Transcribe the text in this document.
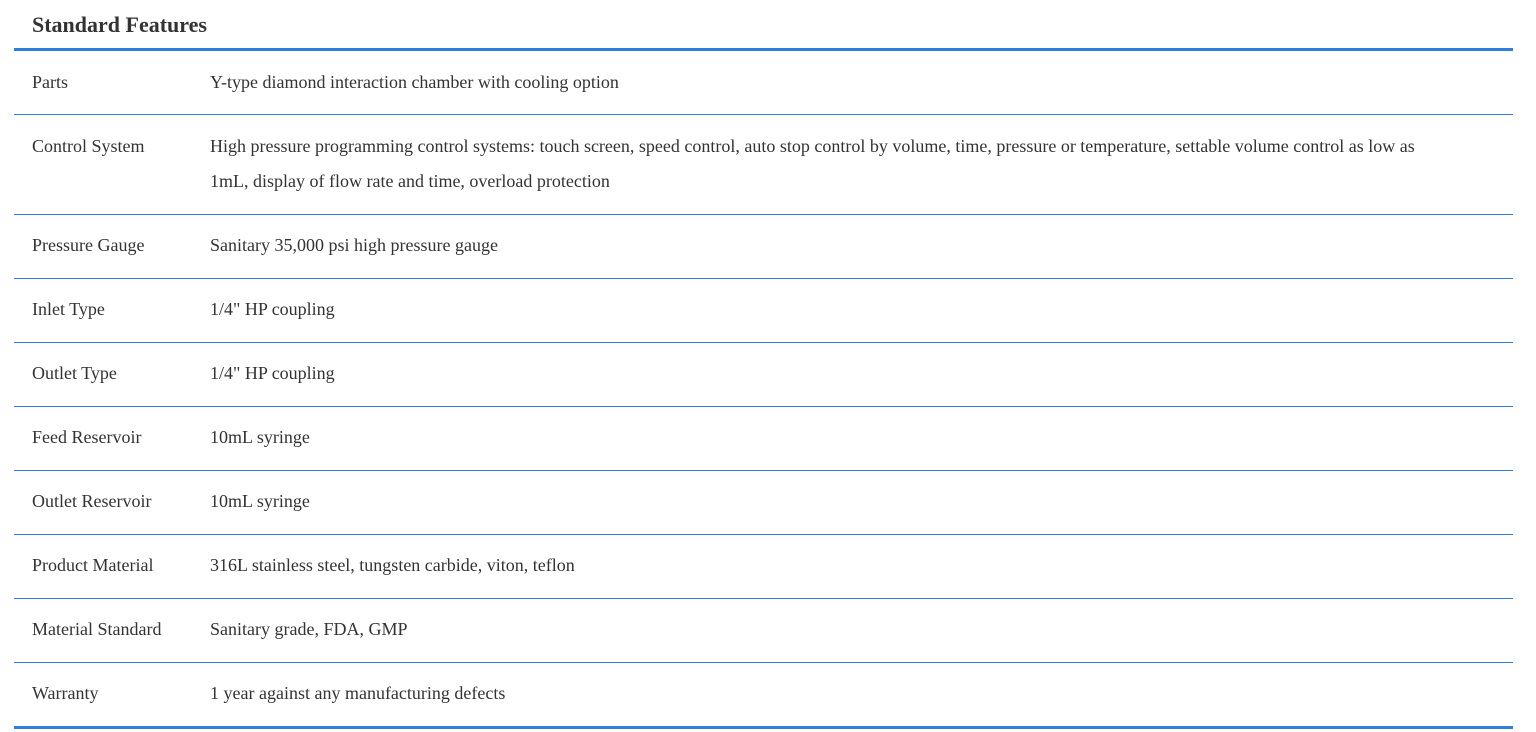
Standard Features
Parts	Y-type diamond interaction chamber with cooling option
Control System	High pressure programming control systems: touch screen, speed control, auto stop control by volume, time, pressure or temperature, settable volume control as low as 1mL, display of flow rate and time, overload protection
Pressure Gauge	Sanitary 35,000 psi high pressure gauge
Inlet Type	1/4" HP coupling
Outlet Type	1/4" HP coupling
Feed Reservoir	10mL syringe
Outlet Reservoir	10mL syringe
Product Material	316L stainless steel, tungsten carbide, viton, teflon
Material Standard	Sanitary grade, FDA, GMP
Warranty	1 year against any manufacturing defects
